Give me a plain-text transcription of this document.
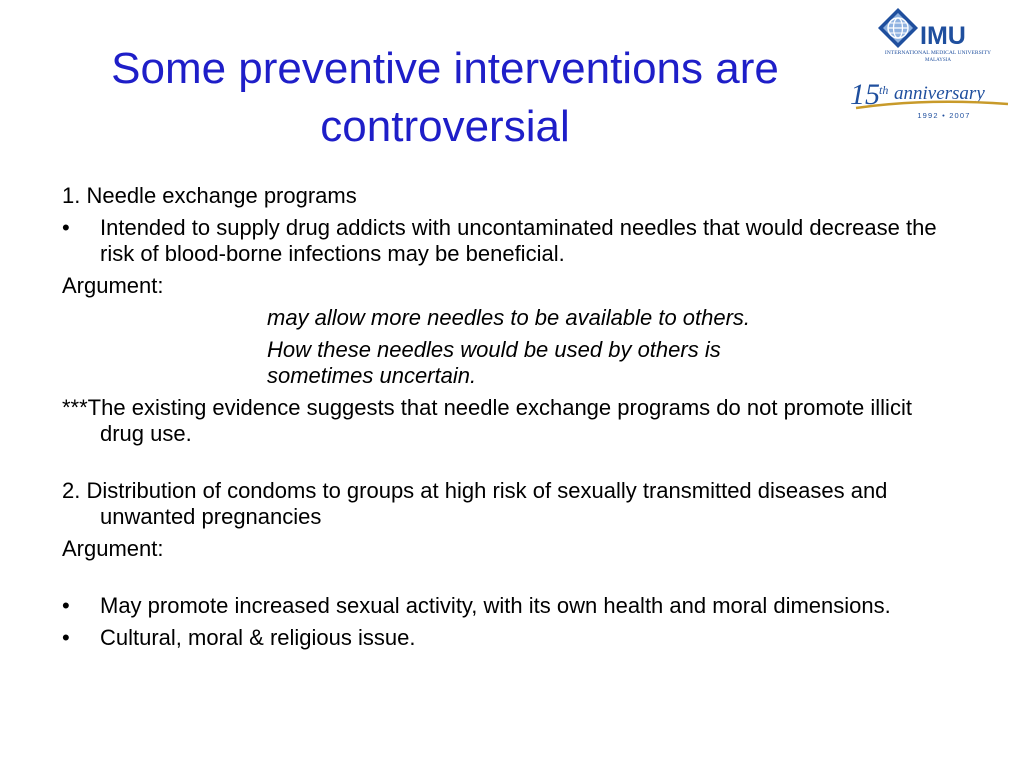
Some preventive interventions are
controversial
IMU
INTERNATIONAL MEDICAL UNIVERSITY
MALAYSIA
15 th anniversary
1992 • 2007

1. Needle exchange programs

•	Intended to supply drug addicts with uncontaminated needles that would decrease the risk of blood-borne infections may be beneficial.

Argument:

may allow more needles to be available to others.

How these needles would be used by others is sometimes uncertain.

***The existing evidence suggests that needle exchange programs do not promote illicit drug use.

2. Distribution of condoms to groups at high risk of sexually transmitted diseases and unwanted pregnancies

Argument:

•	May promote increased sexual activity, with its own health and moral dimensions.
•	Cultural, moral & religious issue.
